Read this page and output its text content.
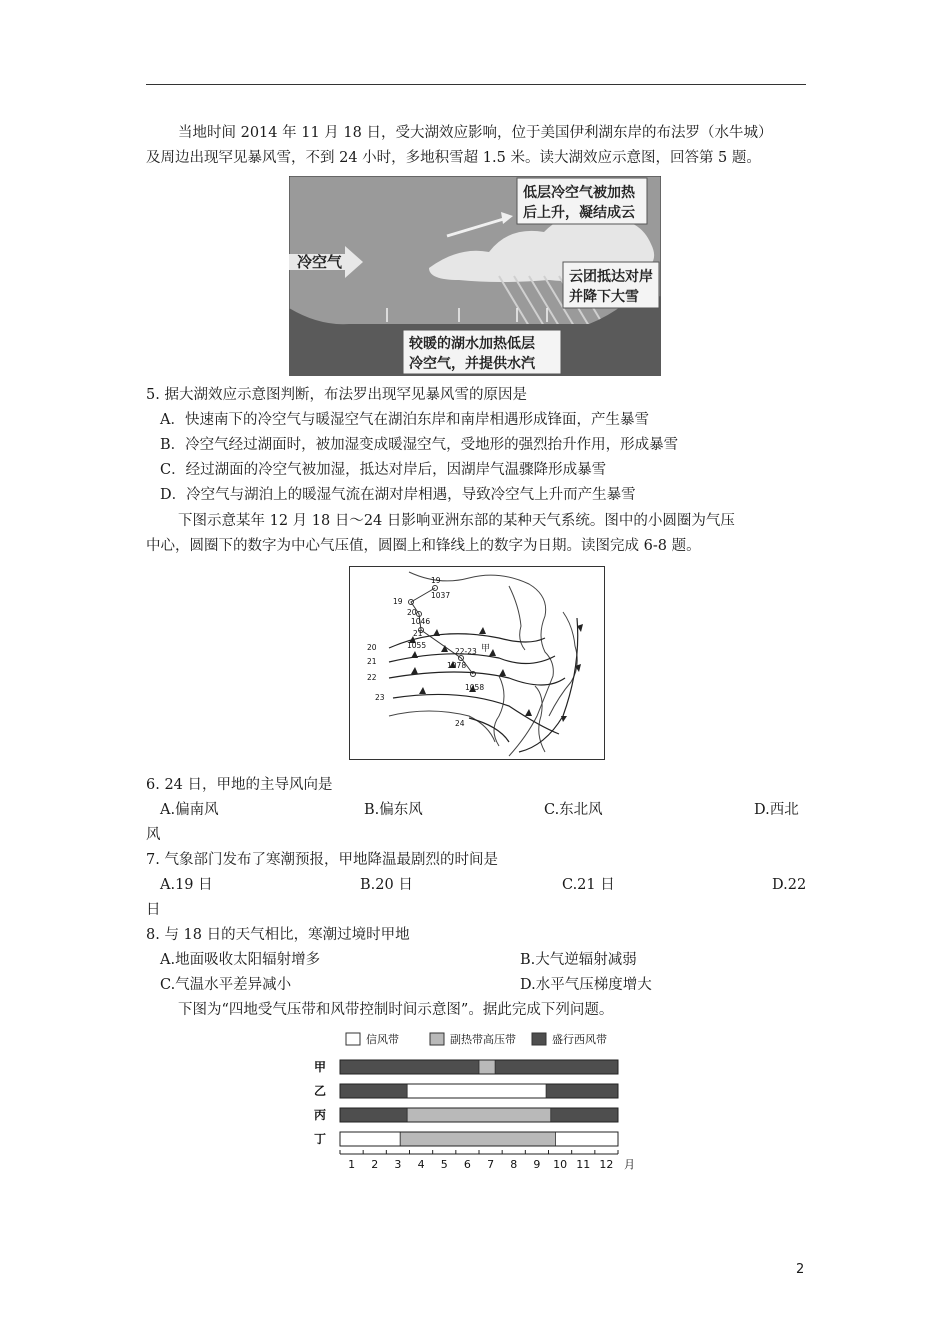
当地时间 2014 年 11 月 18 日，受大湖效应影响，位于美国伊利湖东岸的布法罗（水牛城）
及周边出现罕见暴风雪，不到 24 小时，多地积雪超 1.5 米。读大湖效应示意图，回答第 5 题。
冷空气
低层冷空气被加热
后上升，凝结成云
云团抵达对岸
并降下大雪
较暖的湖水加热低层
冷空气，并提供水汽
5. 据大湖效应示意图判断，布法罗出现罕见暴风雪的原因是
A．快速南下的冷空气与暖湿空气在湖泊东岸和南岸相遇形成锋面，产生暴雪
B．冷空气经过湖面时，被加湿变成暖湿空气，受地形的强烈抬升作用，形成暴雪
C．经过湖面的冷空气被加湿，抵达对岸后，因湖岸气温骤降形成暴雪
D．冷空气与湖泊上的暖湿气流在湖对岸相遇，导致冷空气上升而产生暴雪
下图示意某年 12 月 18 日～24 日影响亚洲东部的某种天气系统。图中的小圆圈为气压
中心，圆圈下的数字为中心气压值，圆圈上和锋线上的数字为日期。读图完成 6-8 题。
19
1037
19
20
1046
21
1055
22-23
1078
甲
1058
20
21
22
23
24
6. 24 日，甲地的主导风向是
A.偏南风	B.偏东风	C.东北风	D.西北
风
7. 气象部门发布了寒潮预报，甲地降温最剧烈的时间是
A.19 日	B.20 日	C.21 日	D.22
日
8. 与 18 日的天气相比，寒潮过境时甲地
A.地面吸收太阳辐射增多	B.大气逆辐射减弱
C.气温水平差异减小	D.水平气压梯度增大
下图为“四地受气压带和风带控制时间示意图”。据此完成下列问题。
信风带	副热带高压带	盛行西风带
甲
乙
丙
丁
1 2 3 4 5 6 7 8 9 10 11 12 月
2
